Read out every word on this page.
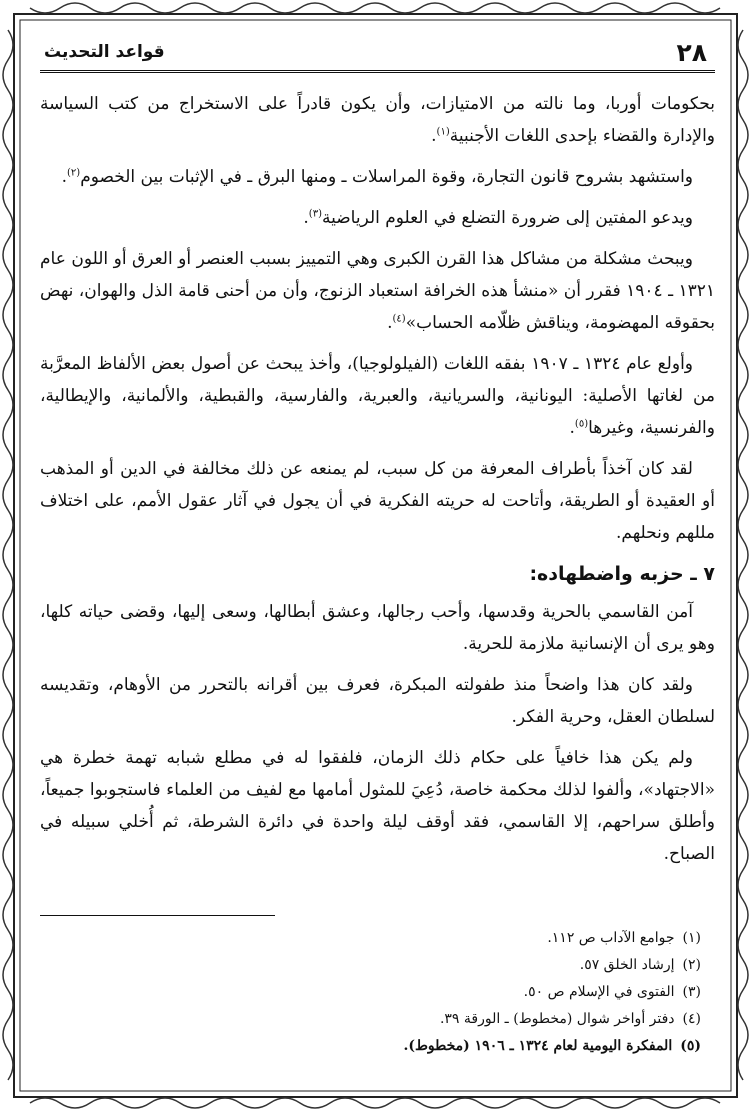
٢٨
قواعد التحديث

بحكومات أوربا، وما نالته من الامتيازات، وأن يكون قادراً على الاستخراج من كتب السياسة والإدارة والقضاء بإحدى اللغات الأجنبية$^{(١)}$.

واستشهد بشروح قانون التجارة، وقوة المراسلات ـ ومنها البرق ـ في الإثبات بين الخصوم$^{(٢)}$.

ويدعو المفتين إلى ضرورة التضلع في العلوم الرياضية$^{(٣)}$.

ويبحث مشكلة من مشاكل هذا القرن الكبرى وهي التمييز بسبب العنصر أو العرق أو اللون عام ١٣٢١ ـ ١٩٠٤ فقرر أن «منشأ هذه الخرافة استعباد الزنوج، وأن من أحنى قامة الذل والهوان، نهض بحقوقه المهضومة، ويناقش ظلّامه الحساب»$^{(٤)}$.

وأولع عام ١٣٢٤ ـ ١٩٠٧ بفقه اللغات (الفيلولوجيا)، وأخذ يبحث عن أصول بعض الألفاظ المعرَّبة من لغاتها الأصلية: اليونانية، والسريانية، والعبرية، والفارسية، والقبطية، والألمانية، والإيطالية، والفرنسية، وغيرها$^{(٥)}$.

لقد كان آخذاً بأطراف المعرفة من كل سبب، لم يمنعه عن ذلك مخالفة في الدين أو المذهب أو العقيدة أو الطريقة، وأتاحت له حريته الفكرية في أن يجول في آثار عقول الأمم، على اختلاف مللهم ونحلهم.

٧ ـ حزبه واضطهاده:

آمن القاسمي بالحرية وقدسها، وأحب رجالها، وعشق أبطالها، وسعى إليها، وقضى حياته كلها، وهو يرى أن الإنسانية ملازمة للحرية.

ولقد كان هذا واضحاً منذ طفولته المبكرة، فعرف بين أقرانه بالتحرر من الأوهام، وتقديسه لسلطان العقل، وحرية الفكر.

ولم يكن هذا خافياً على حكام ذلك الزمان، فلفقوا له في مطلع شبابه تهمة خطرة هي «الاجتهاد»، وألفوا لذلك محكمة خاصة، دُعِيَ للمثول أمامها مع لفيف من العلماء فاستجوبوا جميعاً، وأطلق سراحهم، إلا القاسمي، فقد أوقف ليلة واحدة في دائرة الشرطة، ثم أُخلي سبيله في الصباح.

(١)جوامع الآداب ص ١١٢.
(٢)إرشاد الخلق ٥٧.
(٣)الفتوى في الإسلام ص ٥٠.
(٤)دفتر أواخر شوال (مخطوط) ـ الورقة ٣٩.
(٥)المفكرة اليومية لعام ١٣٢٤ ـ ١٩٠٦ (مخطوط).
